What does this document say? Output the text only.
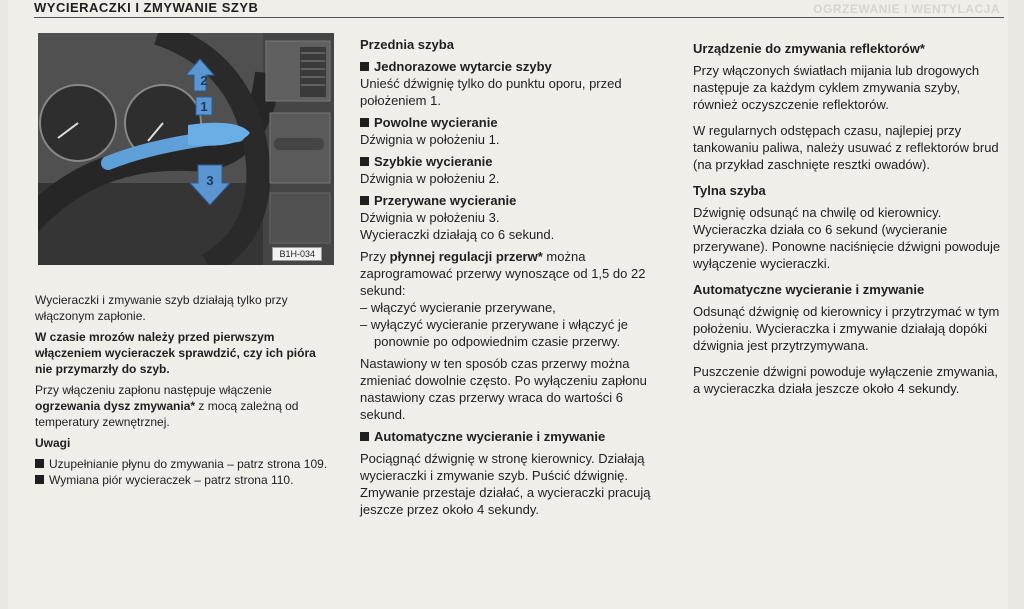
WYCIERACZKI I ZMYWANIE SZYB	OGRZEWANIE I WENTYLACJA
2
1
3
B1H-034

Wycieraczki i zmywanie szyb działają tylko przy włączonym zapłonie.

W czasie mrozów należy przed pierwszym włączeniem wycieraczek sprawdzić, czy ich pióra nie przymarzły do szyb.

Przy włączeniu zapłonu następuje włączenie ogrzewania dysz zmywania* z mocą zależną od temperatury zewnętrznej.

Uwagi

Uzupełnianie płynu do zmywania – patrz strona 109.

Wymiana piór wycieraczek – patrz strona 110.

Przednia szyba

Jednorazowe wytarcie szyby

Unieść dźwignię tylko do punktu oporu, przed położeniem 1.

Powolne wycieranie

Dźwignia w położeniu 1.

Szybkie wycieranie

Dźwignia w położeniu 2.

Przerywane wycieranie

Dźwignia w położeniu 3.

Wycieraczki działają co 6 sekund.

Przy płynnej regulacji przerw* można zaprogramować przerwy wynoszące od 1,5 do 22 sekund:

– włączyć wycieranie przerywane,

– wyłączyć wycieranie przerywane i włączyć je ponownie po odpowiednim czasie przerwy.

Nastawiony w ten sposób czas przerwy można zmieniać dowolnie często. Po wyłączeniu zapłonu nastawiony czas przerwy wraca do wartości 6 sekund.

Automatyczne wycieranie i zmywanie

Pociągnąć dźwignię w stronę kierownicy. Działają wycieraczki i zmywanie szyb. Puścić dźwignię. Zmywanie przestaje działać, a wycieraczki pracują jeszcze przez około 4 sekundy.

Urządzenie do zmywania reflektorów*

Przy włączonych światłach mijania lub drogowych następuje za każdym cyklem zmywania szyby, również oczyszczenie reflektorów.

W regularnych odstępach czasu, najlepiej przy tankowaniu paliwa, należy usuwać z reflektorów brud (na przykład zaschnięte resztki owadów).

Tylna szyba

Dźwignię odsunąć na chwilę od kierownicy. Wycieraczka działa co 6 sekund (wycieranie przerywane). Ponowne naciśnięcie dźwigni powoduje wyłączenie wycieraczki.

Automatyczne wycieranie i zmywanie

Odsunąć dźwignię od kierownicy i przytrzymać w tym położeniu. Wycieraczka i zmywanie działają dopóki dźwignia jest przytrzymywana.

Puszczenie dźwigni powoduje wyłączenie zmywania, a wycieraczka działa jeszcze około 4 sekundy.
